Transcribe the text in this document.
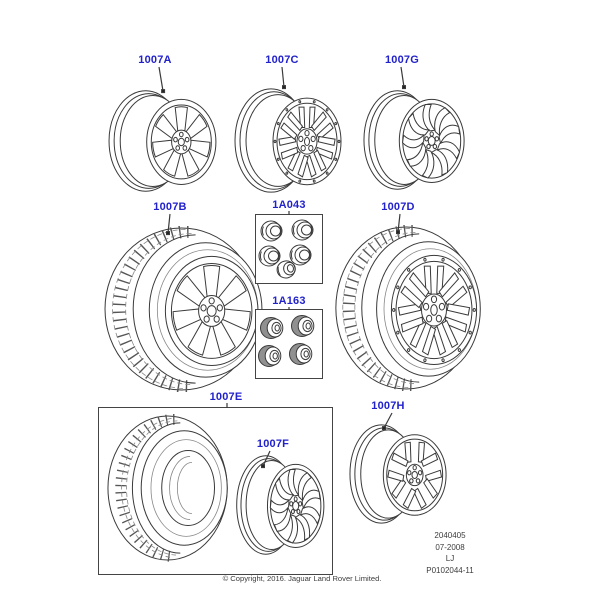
1007A	1007C	1007G
1007B	1A043
1A163
1007D
1007E
1007F
1007H
2040405
07-2008
LJ
P0102044-11
© Copyright, 2016. Jaguar Land Rover Limited.
